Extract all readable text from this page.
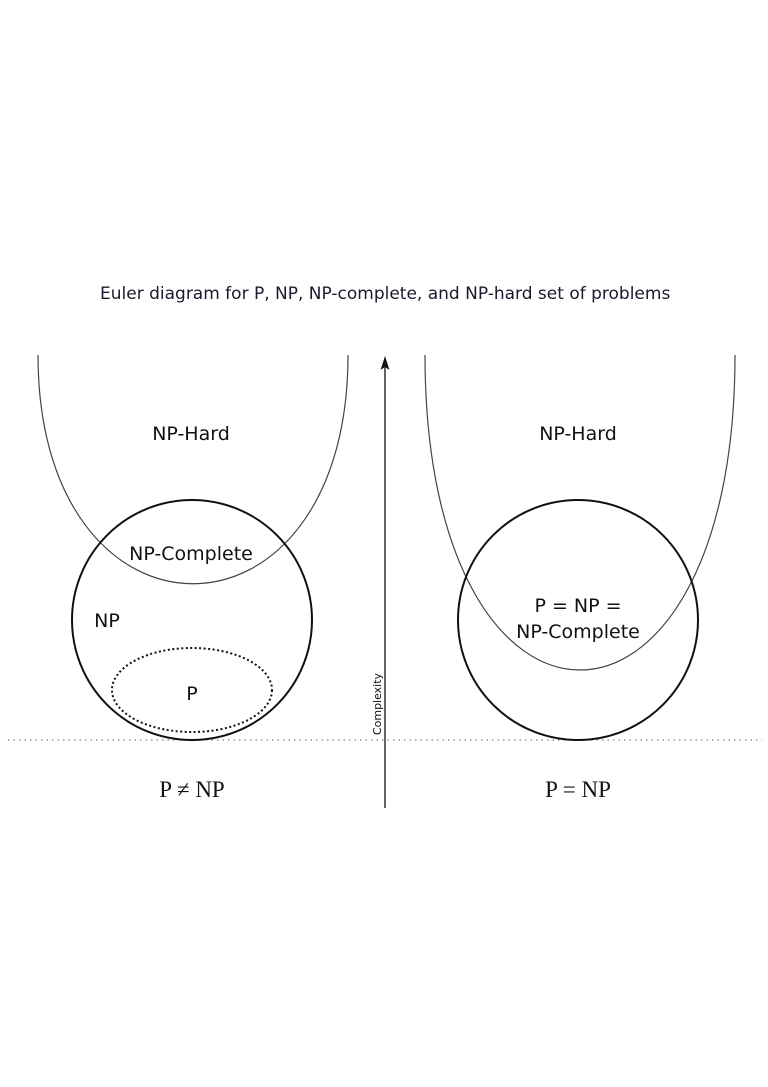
Euler diagram for P, NP, NP-complete, and NP-hard set of problems
Complexity
NP-Hard
NP-Complete
NP
P
P ≠ NP
NP-Hard
P = NP =
NP-Complete
P = NP
